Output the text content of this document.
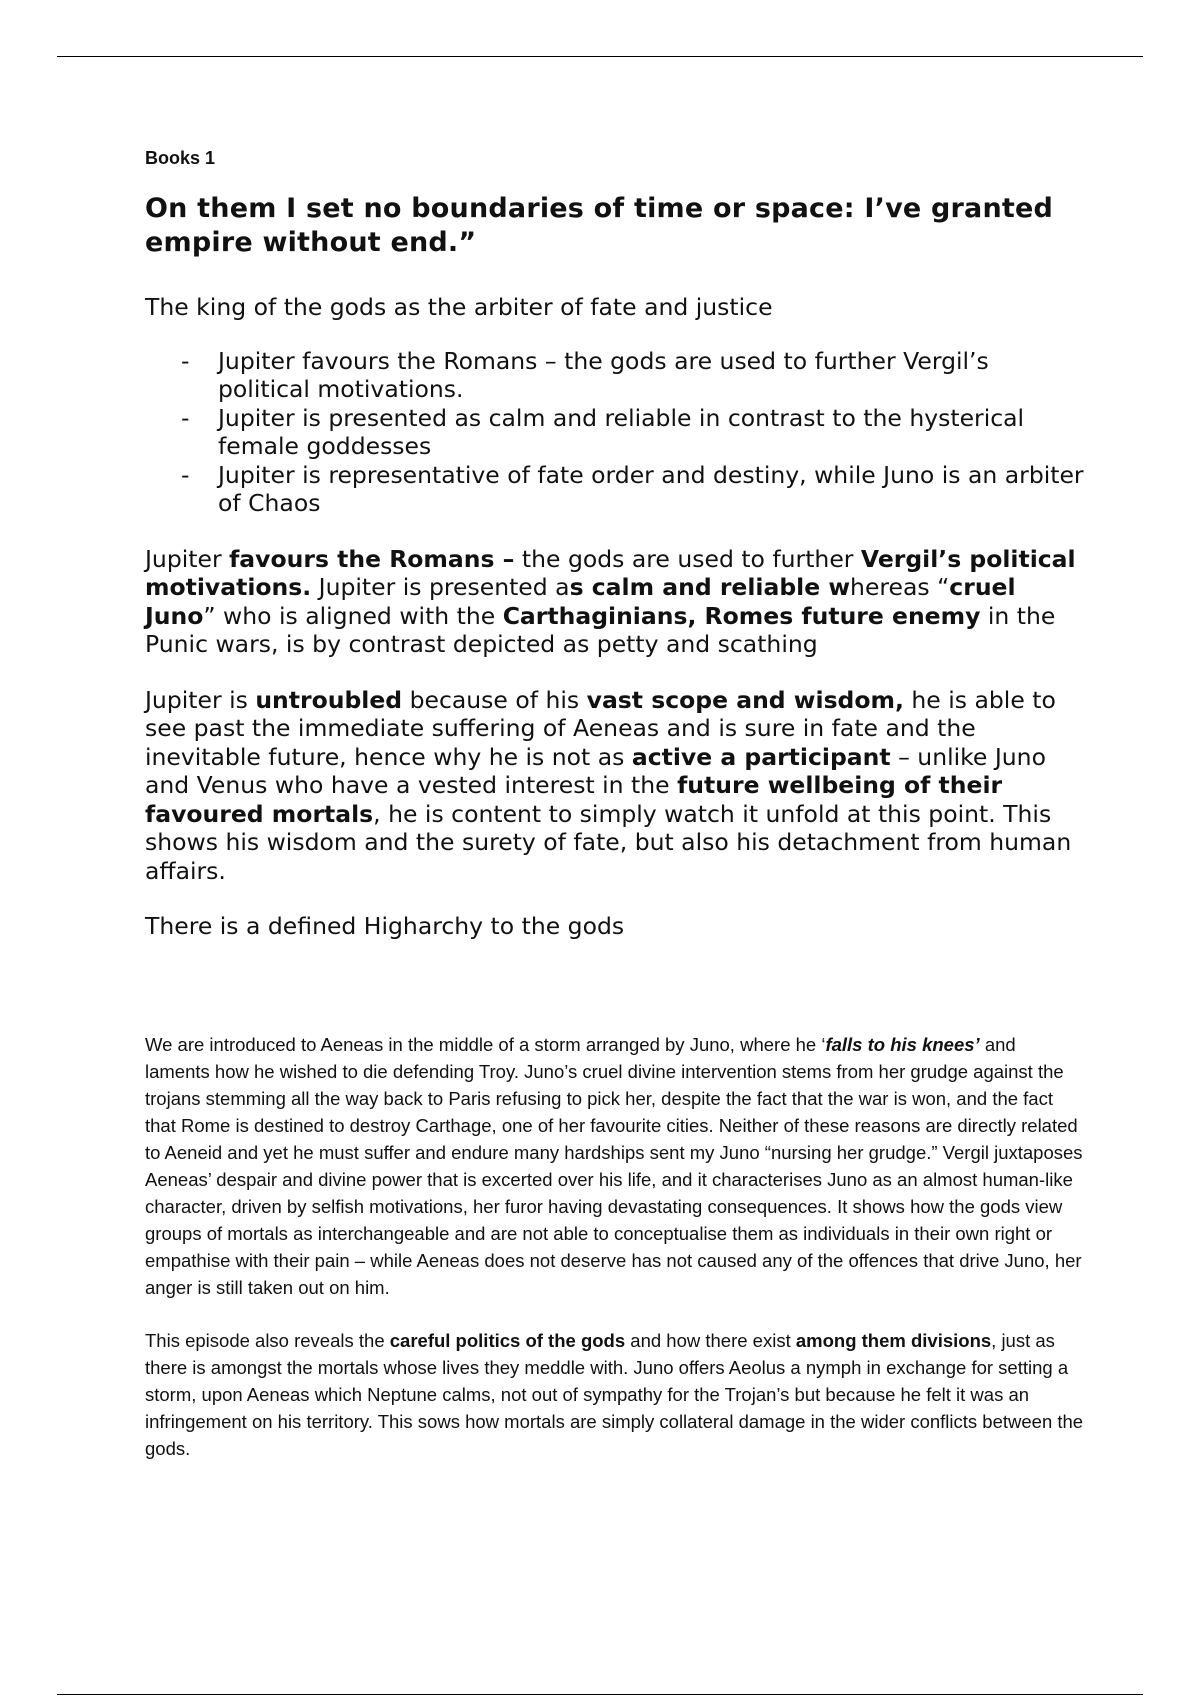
Books 1

On them I set no boundaries of time or space: I’ve granted empire without end.”

The king of the gods as the arbiter of fate and justice

- Jupiter favours the Romans – the gods are used to further Vergil’s political motivations.
- Jupiter is presented as calm and reliable in contrast to the hysterical female goddesses
- Jupiter is representative of fate order and destiny, while Juno is an arbiter of Chaos

Jupiter favours the Romans – the gods are used to further Vergil’s political motivations. Jupiter is presented as calm and reliable whereas “cruel Juno” who is aligned with the Carthaginians, Romes future enemy in the Punic wars, is by contrast depicted as petty and scathing

Jupiter is untroubled because of his vast scope and wisdom, he is able to see past the immediate suffering of Aeneas and is sure in fate and the inevitable future, hence why he is not as active a participant – unlike Juno and Venus who have a vested interest in the future wellbeing of their favoured mortals, he is content to simply watch it unfold at this point. This shows his wisdom and the surety of fate, but also his detachment from human affairs.

There is a defined Higharchy to the gods

We are introduced to Aeneas in the middle of a storm arranged by Juno, where he ‘falls to his knees’ and laments how he wished to die defending Troy. Juno’s cruel divine intervention stems from her grudge against the trojans stemming all the way back to Paris refusing to pick her, despite the fact that the war is won, and the fact that Rome is destined to destroy Carthage, one of her favourite cities. Neither of these reasons are directly related to Aeneid and yet he must suffer and endure many hardships sent my Juno “nursing her grudge.” Vergil juxtaposes Aeneas’ despair and divine power that is excerted over his life, and it characterises Juno as an almost human-like character, driven by selfish motivations, her furor having devastating consequences. It shows how the gods view groups of mortals as interchangeable and are not able to conceptualise them as individuals in their own right or empathise with their pain – while Aeneas does not deserve has not caused any of the offences that drive Juno, her anger is still taken out on him.

This episode also reveals the careful politics of the gods and how there exist among them divisions, just as there is amongst the mortals whose lives they meddle with. Juno offers Aeolus a nymph in exchange for setting a storm, upon Aeneas which Neptune calms, not out of sympathy for the Trojan’s but because he felt it was an infringement on his territory. This sows how mortals are simply collateral damage in the wider conflicts between the gods.
